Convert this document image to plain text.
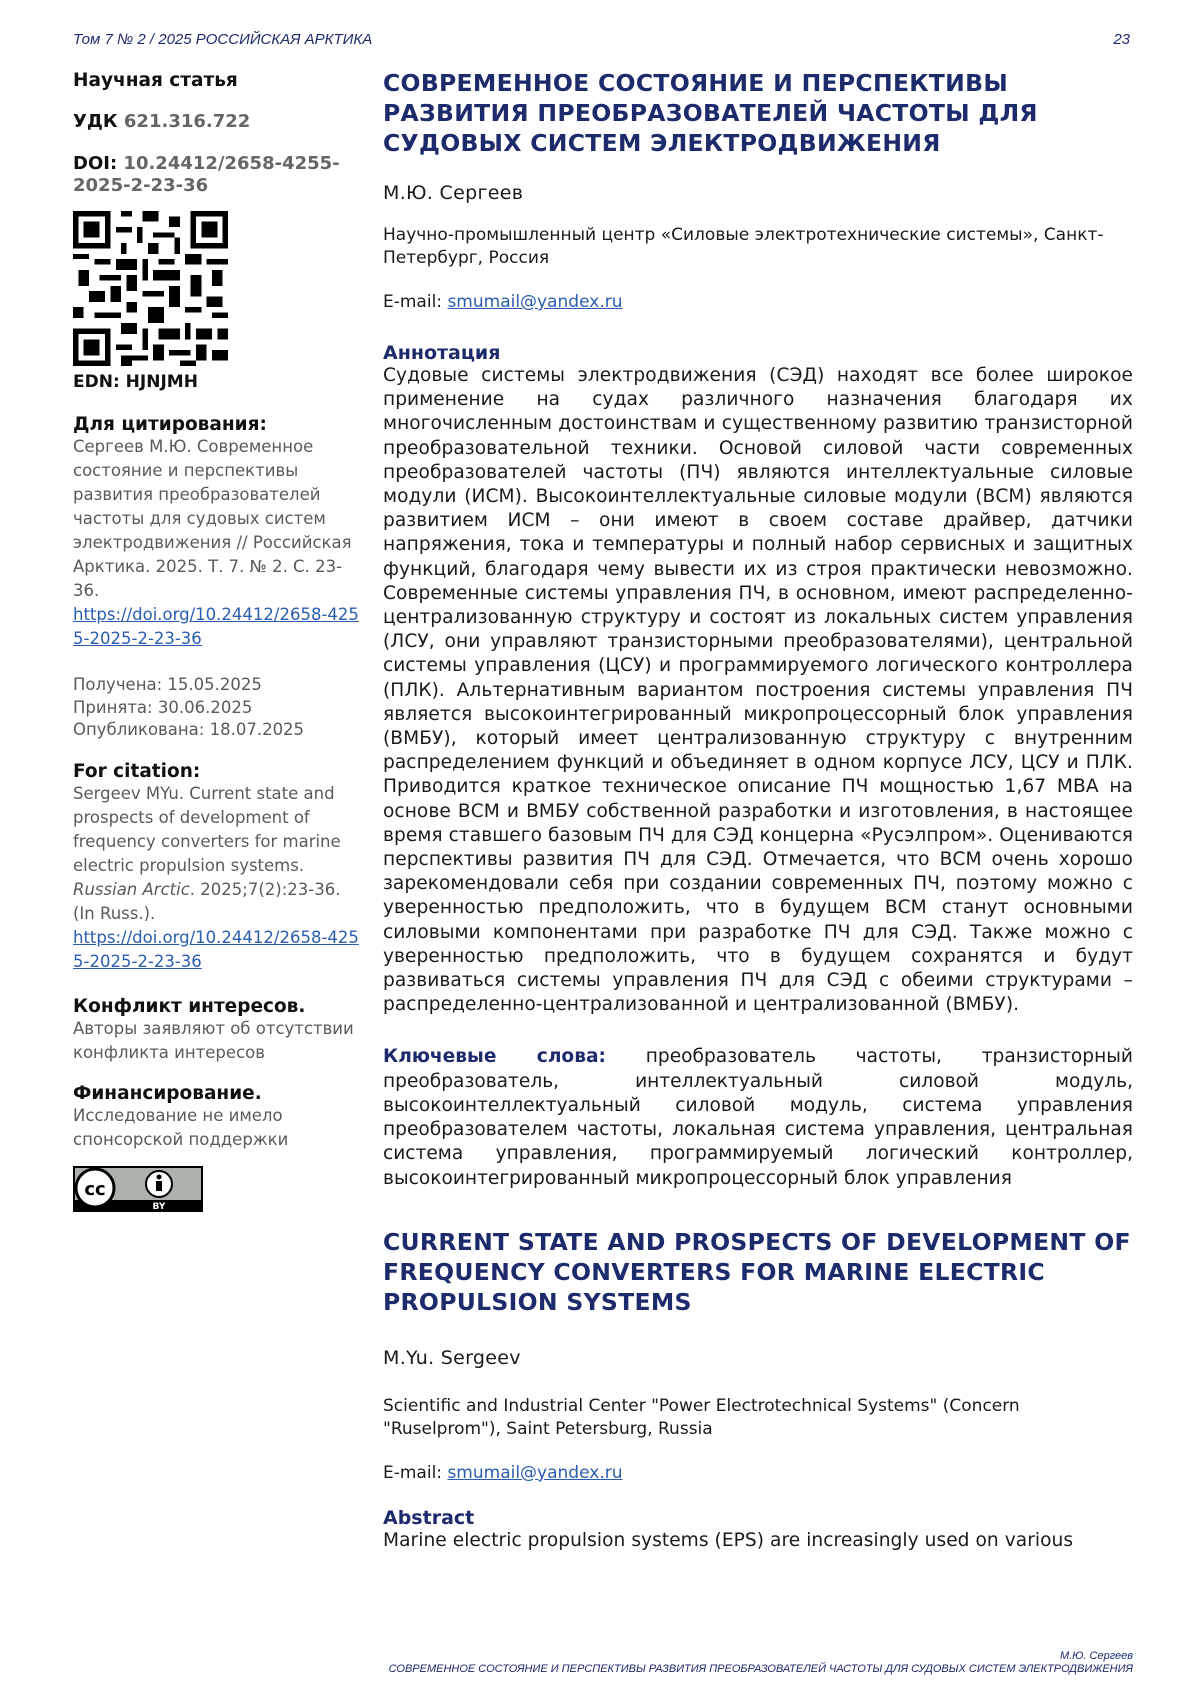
Том 7 № 2 / 2025 РОССИЙСКАЯ АРКТИКА	23
Научная статья
УДК 621.316.722
DOI: 10.24412/2658-4255-2025-2-23-36
EDN: HJNJMH
Для цитирования:
Сергеев М.Ю. Современное состояние и перспективы развития преобразователей частоты для судовых систем электродвижения // Российская Арктика. 2025. Т. 7. № 2. С. 23-36.
https://doi.org/10.24412/2658-4255-2025-2-23-36
Получена: 15.05.2025
Принята: 30.06.2025
Опубликована: 18.07.2025
For citation:
Sergeev MYu. Current state and prospects of development of frequency converters for marine electric propulsion systems. Russian Arctic. 2025;7(2):23-36. (In Russ.).
https://doi.org/10.24412/2658-4255-2025-2-23-36
Конфликт интересов.
Авторы заявляют об отсутствии конфликта интересов
Финансирование.
Исследование не имело спонсорской поддержки
cc
BY
СОВРЕМЕННОЕ СОСТОЯНИЕ И ПЕРСПЕКТИВЫ РАЗВИТИЯ ПРЕОБРАЗОВАТЕЛЕЙ ЧАСТОТЫ ДЛЯ СУДОВЫХ СИСТЕМ ЭЛЕКТРОДВИЖЕНИЯ
М.Ю. Сергеев
Научно-промышленный центр «Силовые электротехнические системы», Санкт-Петербург, Россия
E-mail: smumail@yandex.ru
Аннотация
Судовые системы электродвижения (СЭД) находят все более широкое применение на судах различного назначения благодаря их многочисленным достоинствам и существенному развитию транзисторной преобразовательной техники. Основой силовой части современных преобразователей частоты (ПЧ) являются интеллектуальные силовые модули (ИСМ). Высокоинтеллектуальные силовые модули (ВСМ) являются развитием ИСМ – они имеют в своем составе драйвер, датчики напряжения, тока и температуры и полный набор сервисных и защитных функций, благодаря чему вывести их из строя практически невозможно. Современные системы управления ПЧ, в основном, имеют распределенно-централизованную структуру и состоят из локальных систем управления (ЛСУ, они управляют транзисторными преобразователями), центральной системы управления (ЦСУ) и программируемого логического контроллера (ПЛК). Альтернативным вариантом построения системы управления ПЧ является высокоинтегрированный микропроцессорный блок управления (ВМБУ), который имеет централизованную структуру с внутренним распределением функций и объединяет в одном корпусе ЛСУ, ЦСУ и ПЛК. Приводится краткое техническое описание ПЧ мощностью 1,67 МВА на основе ВСМ и ВМБУ собственной разработки и изготовления, в настоящее время ставшего базовым ПЧ для СЭД концерна «Русэлпром». Оцениваются перспективы развития ПЧ для СЭД. Отмечается, что ВСМ очень хорошо зарекомендовали себя при создании современных ПЧ, поэтому можно с уверенностью предположить, что в будущем ВСМ станут основными силовыми компонентами при разработке ПЧ для СЭД. Также можно с уверенностью предположить, что в будущем сохранятся и будут развиваться системы управления ПЧ для СЭД с обеими структурами – распределенно-централизованной и централизованной (ВМБУ).
Ключевые слова: преобразователь частоты, транзисторный преобразователь, интеллектуальный силовой модуль, высокоинтеллектуальный силовой модуль, система управления преобразователем частоты, локальная система управления, центральная система управления, программируемый логический контроллер, высокоинтегрированный микропроцессорный блок управления
CURRENT STATE AND PROSPECTS OF DEVELOPMENT OF FREQUENCY CONVERTERS FOR MARINE ELECTRIC PROPULSION SYSTEMS
M.Yu. Sergeev
Scientific and Industrial Center "Power Electrotechnical Systems" (Concern "Ruselprom"), Saint Petersburg, Russia
E-mail: smumail@yandex.ru
Abstract
Marine electric propulsion systems (EPS) are increasingly used on various
М.Ю. Сергеев
СОВРЕМЕННОЕ СОСТОЯНИЕ И ПЕРСПЕКТИВЫ РАЗВИТИЯ ПРЕОБРАЗОВАТЕЛЕЙ ЧАСТОТЫ ДЛЯ СУДОВЫХ СИСТЕМ ЭЛЕКТРОДВИЖЕНИЯ
